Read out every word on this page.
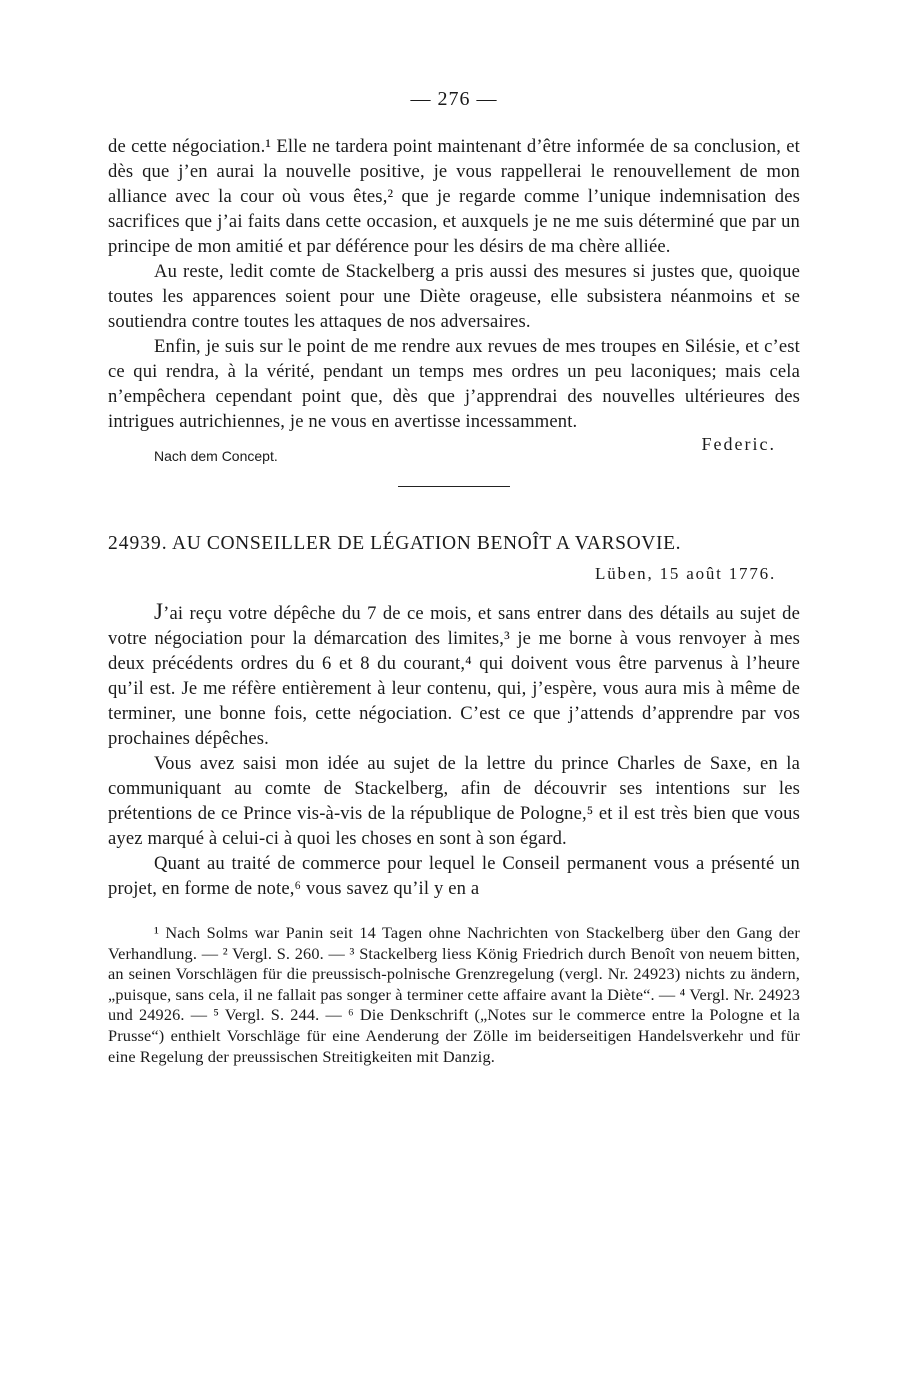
— 276 —

de cette négociation.¹ Elle ne tardera point maintenant d’être informée de sa conclusion, et dès que j’en aurai la nouvelle positive, je vous rappellerai le renouvellement de mon alliance avec la cour où vous êtes,² que je regarde comme l’unique indemnisation des sacrifices que j’ai faits dans cette occasion, et auxquels je ne me suis déterminé que par un principe de mon amitié et par déférence pour les désirs de ma chère alliée.

Au reste, ledit comte de Stackelberg a pris aussi des mesures si justes que, quoique toutes les apparences soient pour une Diète orageuse, elle subsistera néanmoins et se soutiendra contre toutes les attaques de nos adversaires.

Enfin, je suis sur le point de me rendre aux revues de mes troupes en Silésie, et c’est ce qui rendra, à la vérité, pendant un temps mes ordres un peu laconiques; mais cela n’empêchera cependant point que, dès que j’apprendrai des nouvelles ultérieures des intrigues autrichiennes, je ne vous en avertisse incessamment.

Nach dem Concept.
Federic.
24939. AU CONSEILLER DE LÉGATION BENOÎT A VARSOVIE.
Lüben, 15 août 1776.

J’ai reçu votre dépêche du 7 de ce mois, et sans entrer dans des détails au sujet de votre négociation pour la démarcation des limites,³ je me borne à vous renvoyer à mes deux précédents ordres du 6 et 8 du courant,⁴ qui doivent vous être parvenus à l’heure qu’il est. Je me réfère entièrement à leur contenu, qui, j’espère, vous aura mis à même de terminer, une bonne fois, cette négociation. C’est ce que j’attends d’apprendre par vos prochaines dépêches.

Vous avez saisi mon idée au sujet de la lettre du prince Charles de Saxe, en la communiquant au comte de Stackelberg, afin de découvrir ses intentions sur les prétentions de ce Prince vis-à-vis de la république de Pologne,⁵ et il est très bien que vous ayez marqué à celui-ci à quoi les choses en sont à son égard.

Quant au traité de commerce pour lequel le Conseil permanent vous a présenté un projet, en forme de note,⁶ vous savez qu’il y en a

¹ Nach Solms war Panin seit 14 Tagen ohne Nachrichten von Stackelberg über den Gang der Verhandlung. — ² Vergl. S. 260. — ³ Stackelberg liess König Friedrich durch Benoît von neuem bitten, an seinen Vorschlägen für die preussisch-polnische Grenzregelung (vergl. Nr. 24923) nichts zu ändern, „puisque, sans cela, il ne fallait pas songer à terminer cette affaire avant la Diète“. — ⁴ Vergl. Nr. 24923 und 24926. — ⁵ Vergl. S. 244. — ⁶ Die Denkschrift („Notes sur le commerce entre la Pologne et la Prusse“) enthielt Vorschläge für eine Aenderung der Zölle im beiderseitigen Handelsverkehr und für eine Regelung der preussischen Streitigkeiten mit Danzig.
